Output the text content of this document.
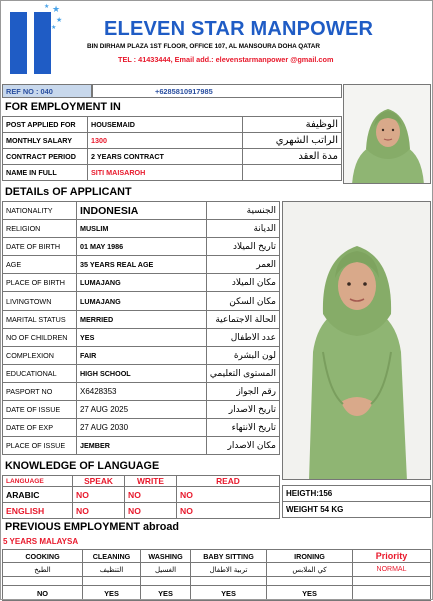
★
★
★
★
ELEVEN STAR MANPOWER
BIN DIRHAM PLAZA 1ST FLOOR, OFFICE 107, AL MANSOURA DOHA QATAR
TEL : 41433444, Email add.: elevenstarmanpower @gmail.com
REF NO : 040	+6285810917985
FOR EMPLOYMENT IN
POST APPLIED FOR	HOUSEMAID	الوظيفة
MONTHLY SALARY	1300	الراتب الشهري
CONTRACT PERIOD	2 YEARS CONTRACT	مدة العقد
NAME IN FULL	SITI MAISAROH	
DETAILs OF APPLICANT
NATIONALITY	INDONESIA	الجنسية
RELIGION	MUSLIM	الديانة
DATE OF BIRTH	01 MAY 1986	تاريخ الميلاد
AGE	35 YEARS REAL AGE	العمر
PLACE OF BIRTH	LUMAJANG	مكان الميلاد
LIVINGTOWN	LUMAJANG	مكان السكن
MARITAL STATUS	MERRIED	الحالة الاجتماعية
NO OF CHILDREN	YES	عدد الاطفال
COMPLEXION	FAIR	لون البشرة
EDUCATIONAL	HIGH SCHOOL	المستوى التعليمي
PASPORT NO	X6428353	رقم الجواز
DATE OF ISSUE	27 AUG 2025	تاريخ الاصدار
DATE OF EXP	27 AUG 2030	تاريخ الانتهاء
PLACE OF ISSUE	JEMBER	مكان الاصدار
KNOWLEDGE OF LANGUAGE
LANGUAGE	SPEAK	WRITE	READ
ARABIC	NO	NO	NO
ENGLISH	NO	NO	NO
HEIGTH:156
WEIGHT 54 KG
PREVIOUS EMPLOYMENT abroad
5 YEARS MALAYSA
COOKING	CLEANING	WASHING	BABY SITTING	IRONING	Priority
الطبخ	التنظيف	الغسيل	تربية الاطفال	كي الملابس	NORMAL

NO	YES	YES	YES	YES	
